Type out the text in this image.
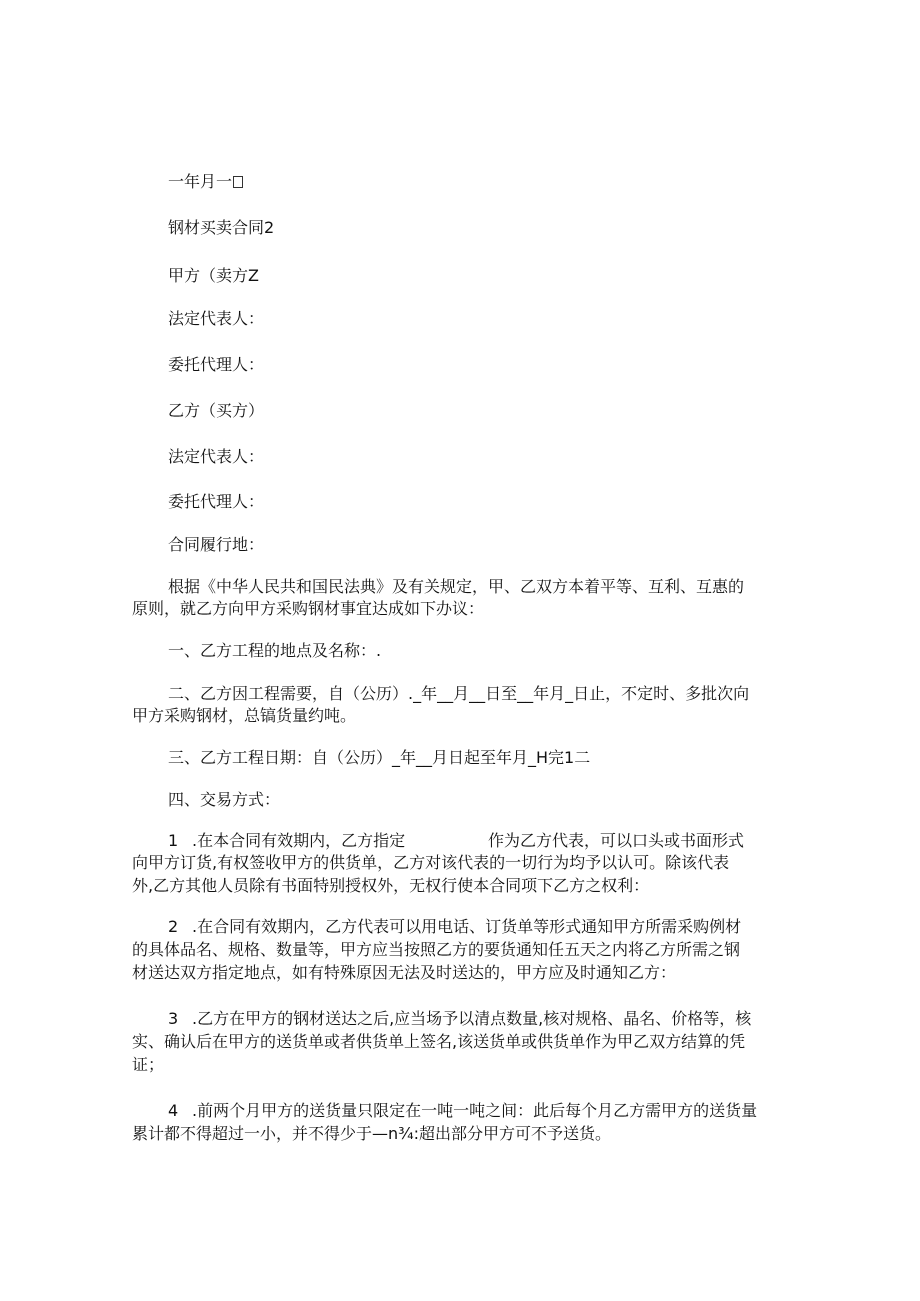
一年月一
钢材买卖合同2
甲方（卖方Z
法定代表人：
委托代理人：
乙方（买方）
法定代表人：
委托代理人：
合同履行地：
根据《中华人民共和国民法典》及有关规定，甲、乙双方本着平等、互利、互惠的
原则，就乙方向甲方采购钢材事宜达成如下办议：
一、乙方工程的地点及名称：.
二、乙方因工程需要，自（公历）._年__月__日至__年月_日止，不定时、多批次向
甲方采购钢材，总镐货量约吨。
三、乙方工程日期：自（公历）_年__月日起至年月_H完1二
四、交易方式：
1 .在本合同有效期内，乙方指定	作为乙方代表，可以口头或书面形式
向甲方订货,有权签收甲方的供货单，乙方对该代表的一切行为均予以认可。除该代表
外,乙方其他人员除有书面特别授权外，无权行使本合同项下乙方之权利：
2 .在合同有效期内，乙方代表可以用电话、订货单等形式通知甲方所需采购例材
的具体品名、规格、数量等，甲方应当按照乙方的要货通知任五天之内将乙方所需之钢
材送达双方指定地点，如有特殊原因无法及时送达的，甲方应及时通知乙方：
3 .乙方在甲方的钢材送达之后,应当场予以清点数量,核对规格、晶名、价格等，核
实、确认后在甲方的送货单或者供货单上签名,该送货单或供货单作为甲乙双方结算的凭
证；
4 .前两个月甲方的送货量只限定在一吨一吨之间：此后每个月乙方需甲方的送货量
累计都不得超过一小，并不得少于—n¾:超出部分甲方可不予送货。
